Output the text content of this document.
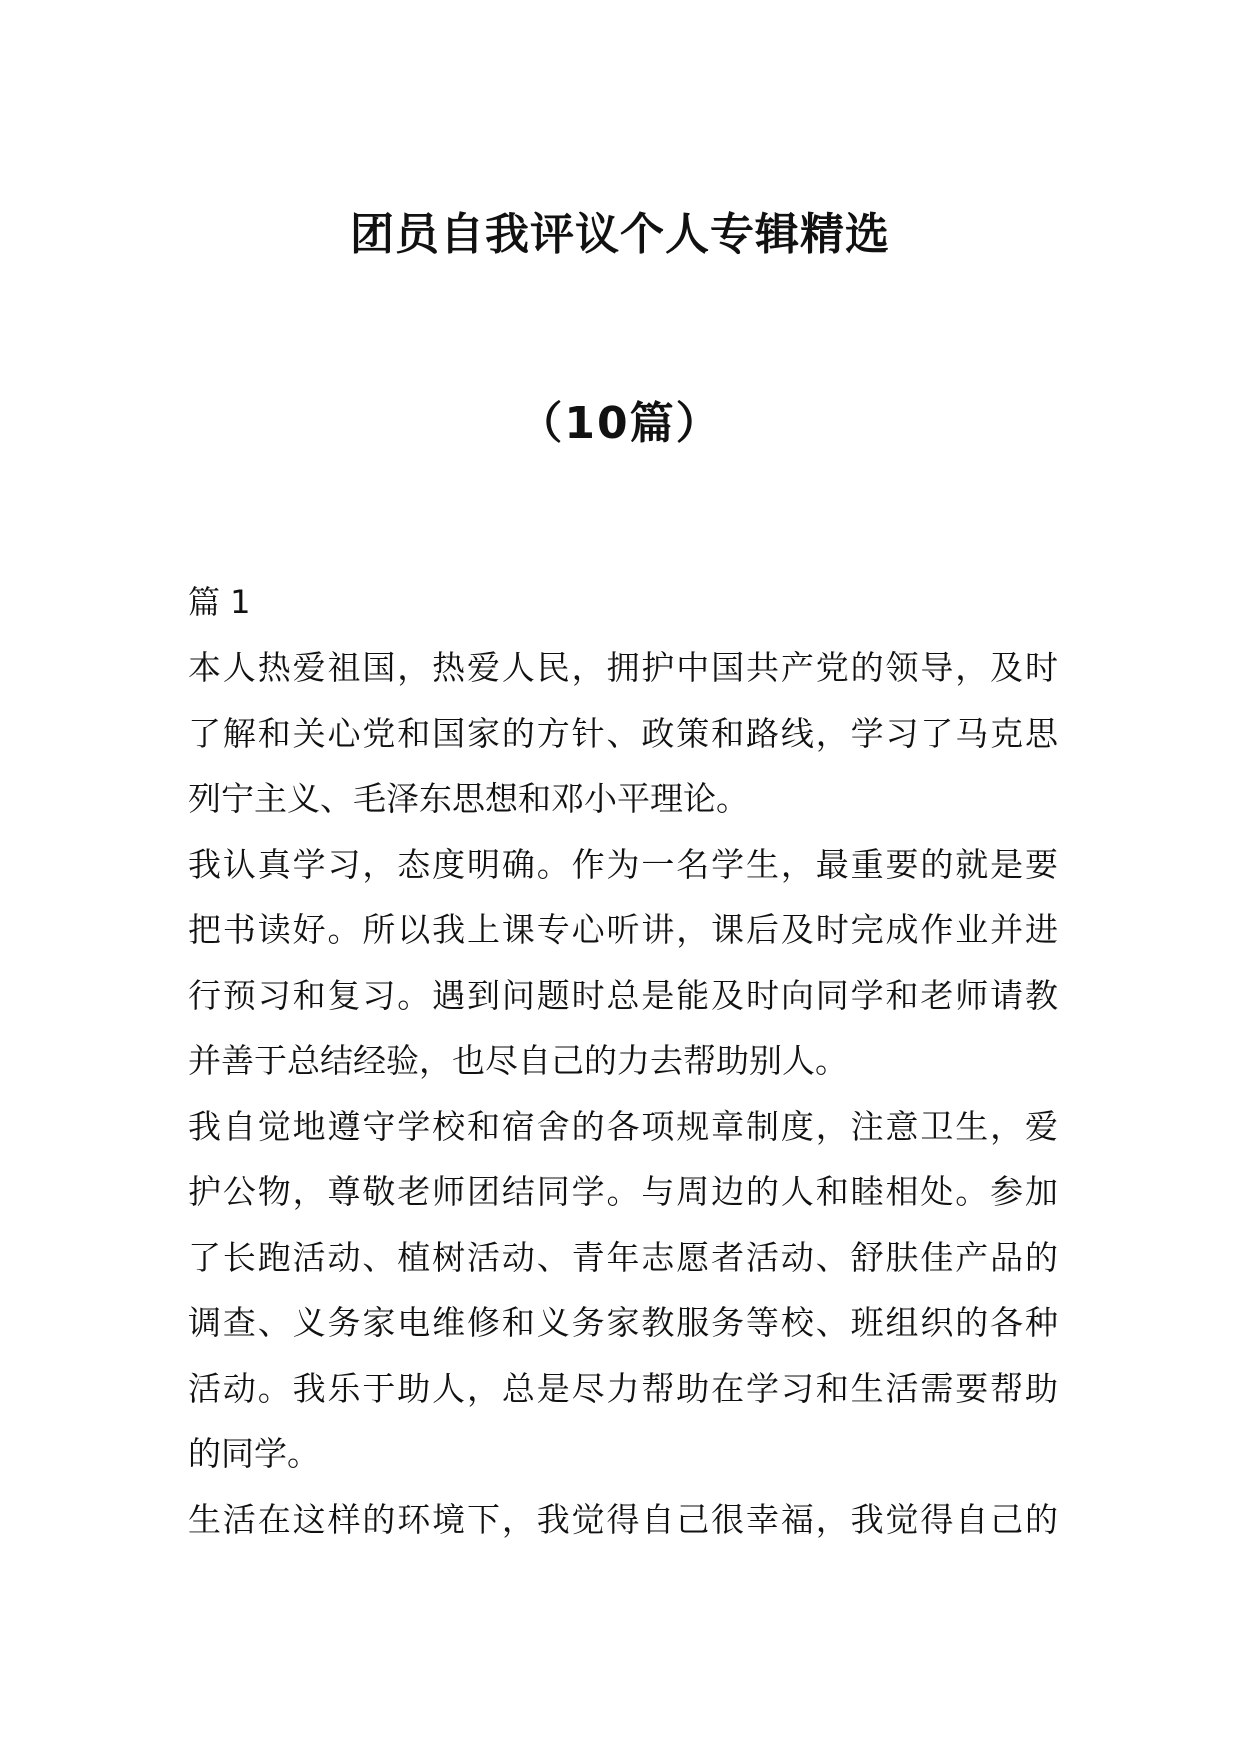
团员自我评议个人专辑精选
（10篇）
篇 1
本人热爱祖国，热爱人民，拥护中国共产党的领导，及时
了解和关心党和国家的方针、政策和路线，学习了马克思
列宁主义、毛泽东思想和邓小平理论。
我认真学习，态度明确。作为一名学生，最重要的就是要
把书读好。所以我上课专心听讲，课后及时完成作业并进
行预习和复习。遇到问题时总是能及时向同学和老师请教
并善于总结经验，也尽自己的力去帮助别人。
我自觉地遵守学校和宿舍的各项规章制度，注意卫生，爱
护公物，尊敬老师团结同学。与周边的人和睦相处。参加
了长跑活动、植树活动、青年志愿者活动、舒肤佳产品的
调查、义务家电维修和义务家教服务等校、班组织的各种
活动。我乐于助人，总是尽力帮助在学习和生活需要帮助
的同学。
生活在这样的环境下，我觉得自己很幸福，我觉得自己的
